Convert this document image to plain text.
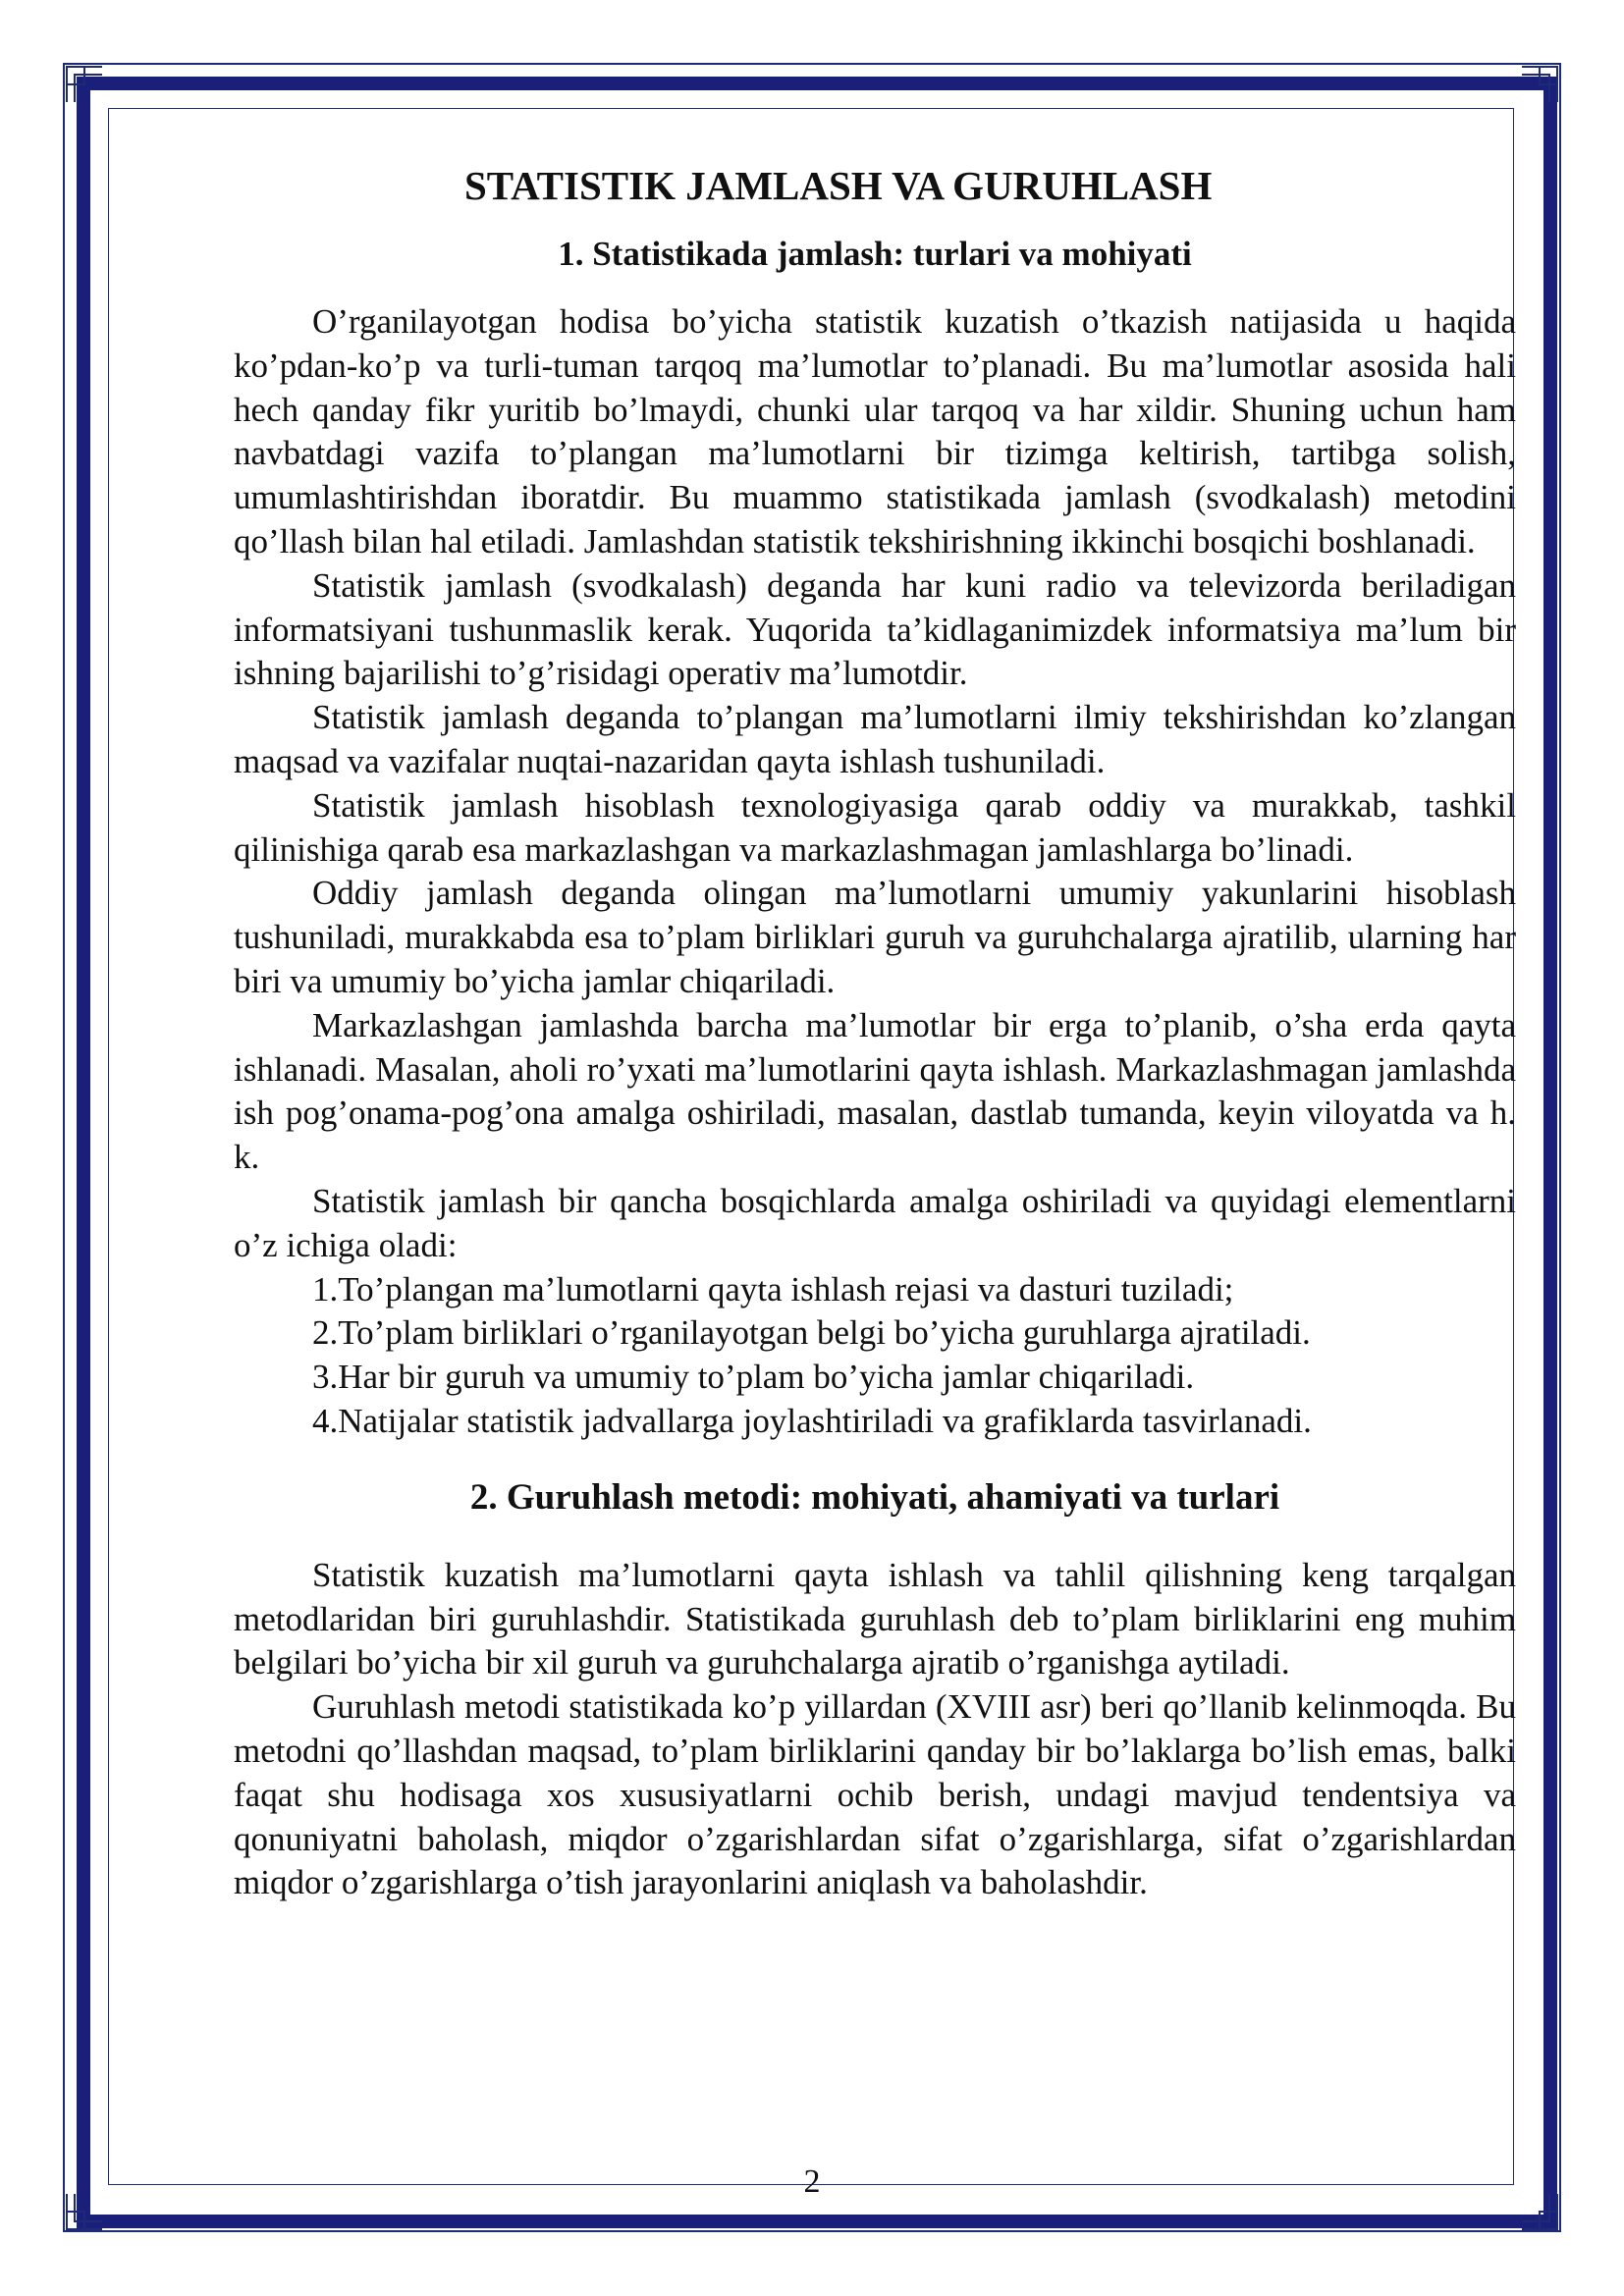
STATISTIK JAMLASH VA GURUHLASH
1. Statistikada jamlash: turlari va mohiyati

O’rganilayotgan hodisa bo’yicha statistik kuzatish o’tkazish natijasida u haqida ko’pdan-ko’p va turli-tuman tarqoq ma’lumotlar to’planadi. Bu ma’lumotlar asosida hali hech qanday fikr yuritib bo’lmaydi, chunki ular tarqoq va har xildir. Shuning uchun ham navbatdagi vazifa to’plangan ma’lumotlarni bir tizimga keltirish, tartibga solish, umumlashtirishdan iboratdir. Bu muammo statistikada jamlash (svodkalash) metodini qo’llash bilan hal etiladi. Jamlashdan statistik tekshirishning ikkinchi bosqichi boshlanadi.

Statistik jamlash (svodkalash) deganda har kuni radio va televizorda beriladigan informatsiyani tushunmaslik kerak. Yuqorida ta’kidlaganimizdek informatsiya ma’lum bir ishning bajarilishi to’g’risidagi operativ ma’lumotdir.

Statistik jamlash deganda to’plangan ma’lumotlarni ilmiy tekshirishdan ko’zlangan maqsad va vazifalar nuqtai-nazaridan qayta ishlash tushuniladi.

Statistik jamlash hisoblash texnologiyasiga qarab oddiy va murakkab, tashkil qilinishiga qarab esa markazlashgan va markazlashmagan jamlashlarga bo’linadi.

Oddiy jamlash deganda olingan ma’lumotlarni umumiy yakunlarini hisoblash tushuniladi, murakkabda esa to’plam birliklari guruh va guruhchalarga ajratilib, ularning har biri va umumiy bo’yicha jamlar chiqariladi.

Markazlashgan jamlashda barcha ma’lumotlar bir erga to’planib, o’sha erda qayta ishlanadi. Masalan, aholi ro’yxati ma’lumotlarini qayta ishlash. Markazlashmagan jamlashda ish pog’onama-pog’ona amalga oshiriladi, masalan, dastlab tumanda, keyin viloyatda va h. k.

Statistik jamlash bir qancha bosqichlarda amalga oshiriladi va quyidagi elementlarni o’z ichiga oladi:

1.To’plangan ma’lumotlarni qayta ishlash rejasi va dasturi tuziladi;

2.To’plam birliklari o’rganilayotgan belgi bo’yicha guruhlarga ajratiladi.

3.Har bir guruh va umumiy to’plam bo’yicha jamlar chiqariladi.

4.Natijalar statistik jadvallarga joylashtiriladi va grafiklarda tasvirlanadi.

2. Guruhlash metodi: mohiyati, ahamiyati va turlari

Statistik kuzatish ma’lumotlarni qayta ishlash va tahlil qilishning keng tarqalgan metodlaridan biri guruhlashdir. Statistikada guruhlash deb to’plam birliklarini eng muhim belgilari bo’yicha bir xil guruh va guruhchalarga ajratib o’rganishga aytiladi.

Guruhlash metodi statistikada ko’p yillardan (XVIII asr) beri qo’llanib kelinmoqda. Bu metodni qo’llashdan maqsad, to’plam birliklarini qanday bir bo’laklarga bo’lish emas, balki faqat shu hodisaga xos xususiyatlarni ochib berish, undagi mavjud tendentsiya va qonuniyatni baholash, miqdor o’zgarishlardan sifat o’zgarishlarga, sifat o’zgarishlardan miqdor o’zgarishlarga o’tish jarayonlarini aniqlash va baholashdir.

2
